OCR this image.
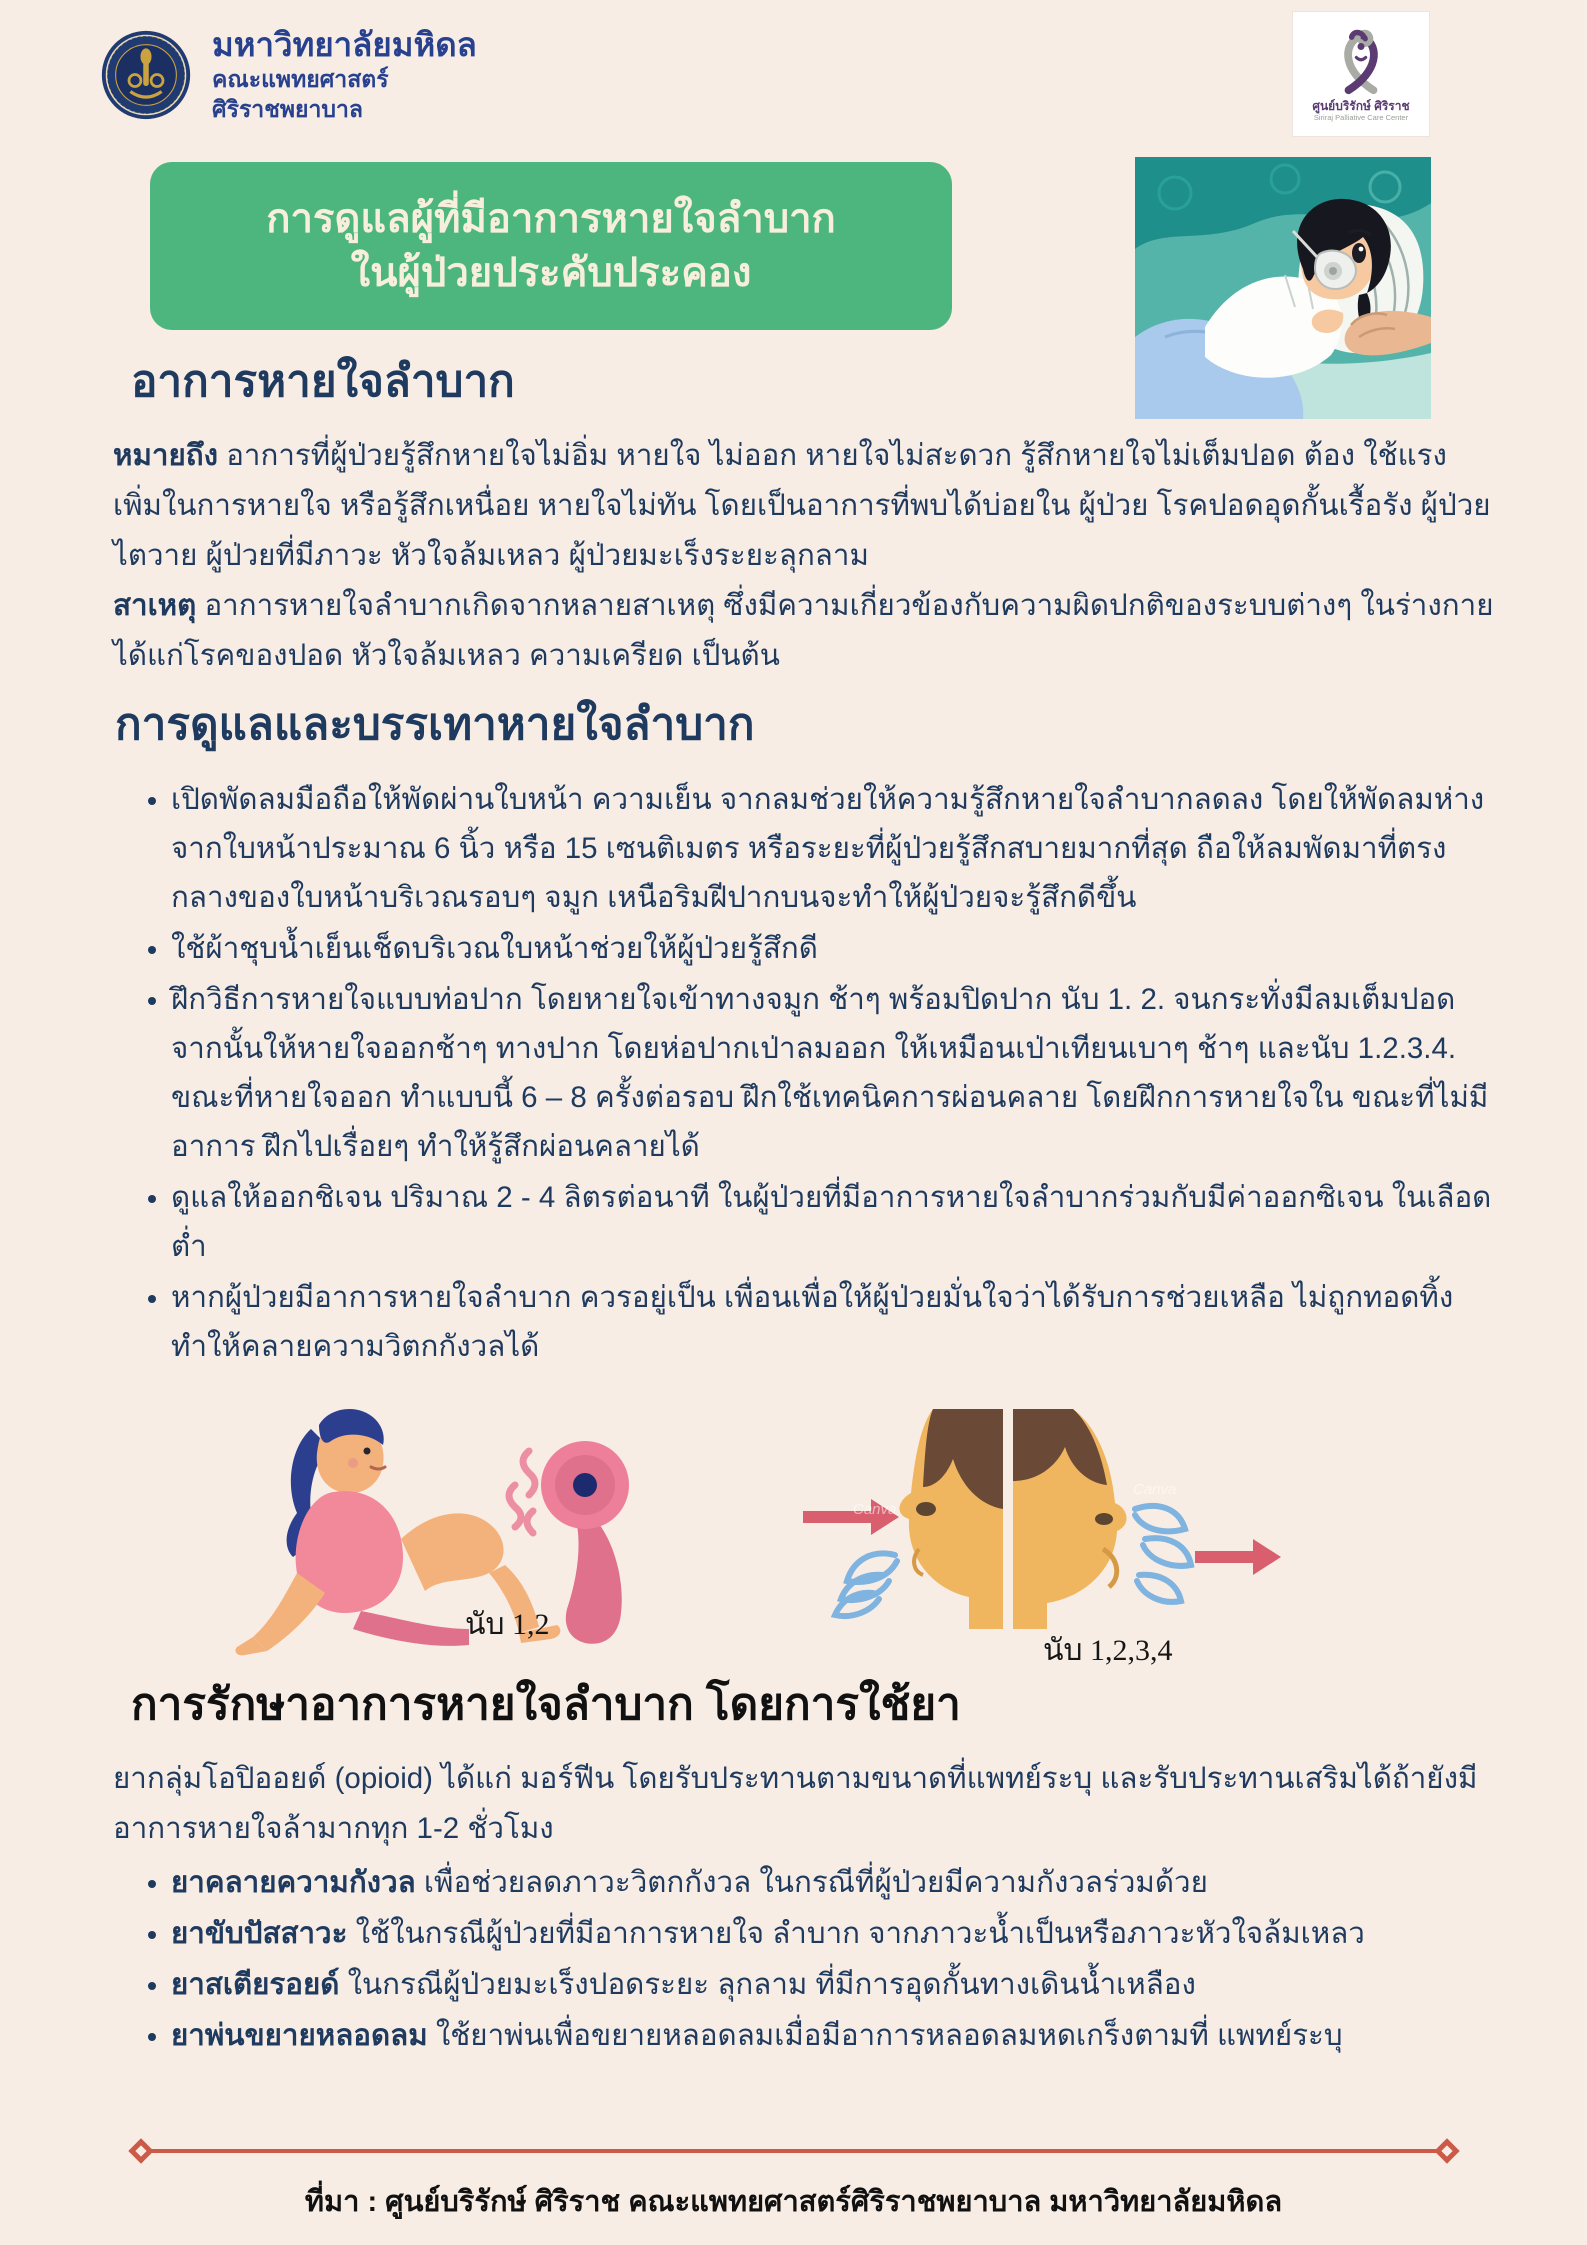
มหาวิทยาลัยมหิดล
คณะแพทยศาสตร์
ศิริราชพยาบาล	ศูนย์บริรักษ์ ศิริราช
Siriraj Palliative Care Center
การดูแลผู้ที่มีอาการหายใจลำบาก
ในผู้ป่วยประคับประคอง
อาการหายใจลำบาก

หมายถึง อาการที่ผู้ป่วยรู้สึกหายใจไม่อิ่ม หายใจ ไม่ออก หายใจไม่สะดวก รู้สึกหายใจไม่เต็มปอด ต้อง ใช้แรงเพิ่มในการหายใจ หรือรู้สึกเหนื่อย หายใจไม่ทัน โดยเป็นอาการที่พบได้บ่อยใน ผู้ป่วย โรคปอดอุดกั้นเรื้อรัง ผู้ป่วยไตวาย ผู้ป่วยที่มีภาวะ หัวใจล้มเหลว ผู้ป่วยมะเร็งระยะลุกลาม

สาเหตุ อาการหายใจลำบากเกิดจากหลายสาเหตุ ซึ่งมีความเกี่ยวข้องกับความผิดปกติของระบบต่างๆ ในร่างกายได้แก่โรคของปอด หัวใจล้มเหลว ความเครียด เป็นต้น

การดูแลและบรรเทาหายใจลำบาก
• เปิดพัดลมมือถือให้พัดผ่านใบหน้า ความเย็น จากลมช่วยให้ความรู้สึกหายใจลำบากลดลง โดยให้พัดลมห่างจากใบหน้าประมาณ 6 นิ้ว หรือ 15 เซนติเมตร หรือระยะที่ผู้ป่วยรู้สึกสบายมากที่สุด ถือให้ลมพัดมาที่ตรงกลางของใบหน้าบริเวณรอบๆ จมูก เหนือริมฝีปากบนจะทำให้ผู้ป่วยจะรู้สึกดีขึ้น
• ใช้ผ้าชุบน้ำเย็นเช็ดบริเวณใบหน้าช่วยให้ผู้ป่วยรู้สึกดี
• ฝึกวิธีการหายใจแบบท่อปาก โดยหายใจเข้าทางจมูก ช้าๆ พร้อมปิดปาก นับ 1. 2. จนกระทั่งมีลมเต็มปอด จากนั้นให้หายใจออกช้าๆ ทางปาก โดยห่อปากเป่าลมออก ให้เหมือนเป่าเทียนเบาๆ ช้าๆ และนับ 1.2.3.4. ขณะที่หายใจออก ทำแบบนี้ 6 – 8 ครั้งต่อรอบ ฝึกใช้เทคนิคการผ่อนคลาย โดยฝึกการหายใจใน ขณะที่ไม่มีอาการ ฝึกไปเรื่อยๆ ทำให้รู้สึกผ่อนคลายได้
• ดูแลให้ออกชิเจน ปริมาณ 2 - 4 ลิตรต่อนาที ในผู้ป่วยที่มีอาการหายใจลำบากร่วมกับมีค่าออกซิเจน ในเลือดต่ำ
• หากผู้ป่วยมีอาการหายใจลำบาก ควรอยู่เป็น เพื่อนเพื่อให้ผู้ป่วยมั่นใจว่าได้รับการช่วยเหลือ ไม่ถูกทอดทิ้ง ทำให้คลายความวิตกกังวลได้
นับ 1,2
นับ 1,2,3,4
Canva
Canva
การรักษาอาการหายใจลำบาก โดยการใช้ยา

ยากลุ่มโอปิออยด์ (opioid) ได้แก่ มอร์ฟีน โดยรับประทานตามขนาดที่แพทย์ระบุ และรับประทานเสริมได้ถ้ายังมีอาการหายใจล้ามากทุก 1-2 ชั่วโมง

• ยาคลายความกังวล เพื่อช่วยลดภาวะวิตกกังวล ในกรณีที่ผู้ป่วยมีความกังวลร่วมด้วย
• ยาขับปัสสาวะ ใช้ในกรณีผู้ป่วยที่มีอาการหายใจ ลำบาก จากภาวะน้ำเป็นหรือภาวะหัวใจล้มเหลว
• ยาสเตียรอยด์ ในกรณีผู้ป่วยมะเร็งปอดระยะ ลุกลาม ที่มีการอุดกั้นทางเดินน้ำเหลือง
• ยาพ่นขยายหลอดลม ใช้ยาพ่นเพื่อขยายหลอดลมเมื่อมีอาการหลอดลมหดเกร็งตามที่ แพทย์ระบุ
ที่มา : ศูนย์บริรักษ์ ศิริราช คณะแพทยศาสตร์ศิริราชพยาบาล มหาวิทยาลัยมหิดล
